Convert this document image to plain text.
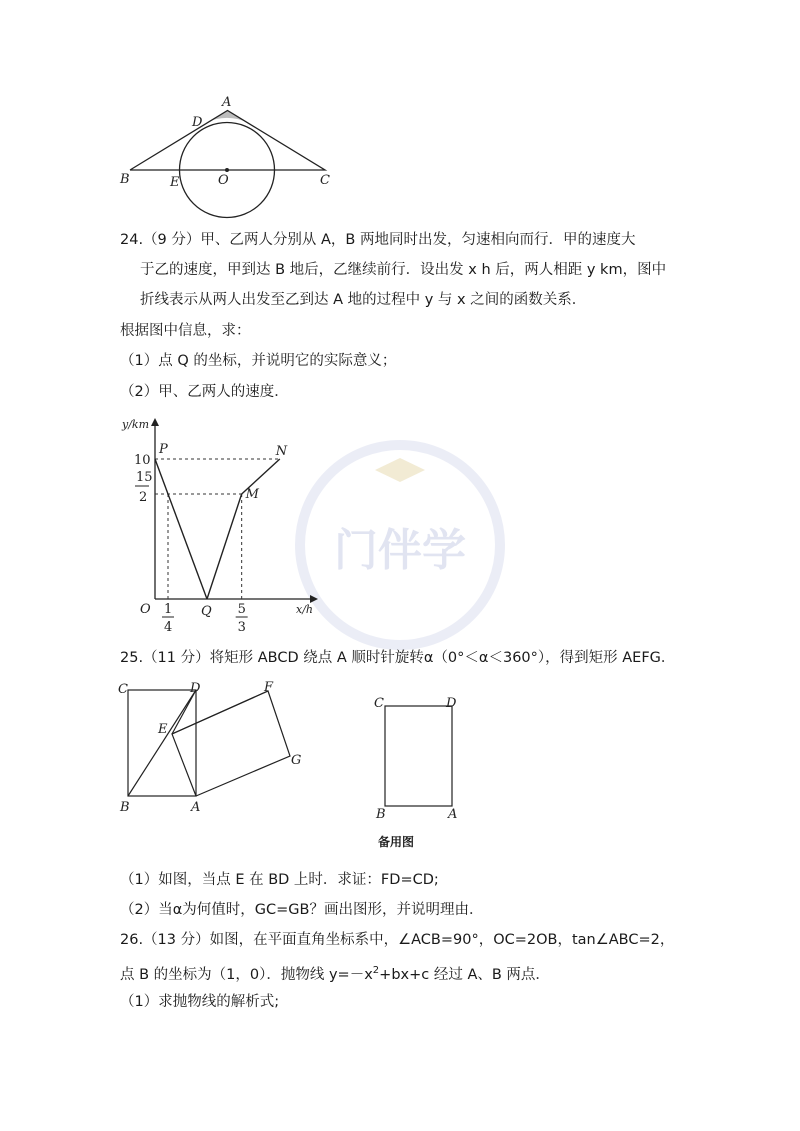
门伴学
A
D
B	E	O	C
24.（9 分）甲、乙两人分别从 A，B 两地同时出发，匀速相向而行．甲的速度大
于乙的速度，甲到达 B 地后，乙继续前行．设出发 x h 后，两人相距 y km，图中
折线表示从两人出发至乙到达 A 地的过程中 y 与 x 之间的函数关系．
根据图中信息，求：
（1）点 Q 的坐标，并说明它的实际意义；
（2）甲、乙两人的速度．
y/km
x/h
O
P
Q
M
N
10
15
2
1
4
5
3
25.（11 分）将矩形 ABCD 绕点 A 顺时针旋转α（0°＜α＜360°），得到矩形 AEFG．
C	D	F
E
G
B	A
C	D
B	A
备用图
（1）如图，当点 E 在 BD 上时．求证：FD=CD;
（2）当α为何值时，GC=GB？画出图形，并说明理由．
26.（13 分）如图，在平面直角坐标系中，∠ACB=90°，OC=2OB，tan∠ABC=2，
点 B 的坐标为（1，0）．抛物线 $y=-x^2+bx+c$ 经过 A、B 两点．
（1）求抛物线的解析式;
